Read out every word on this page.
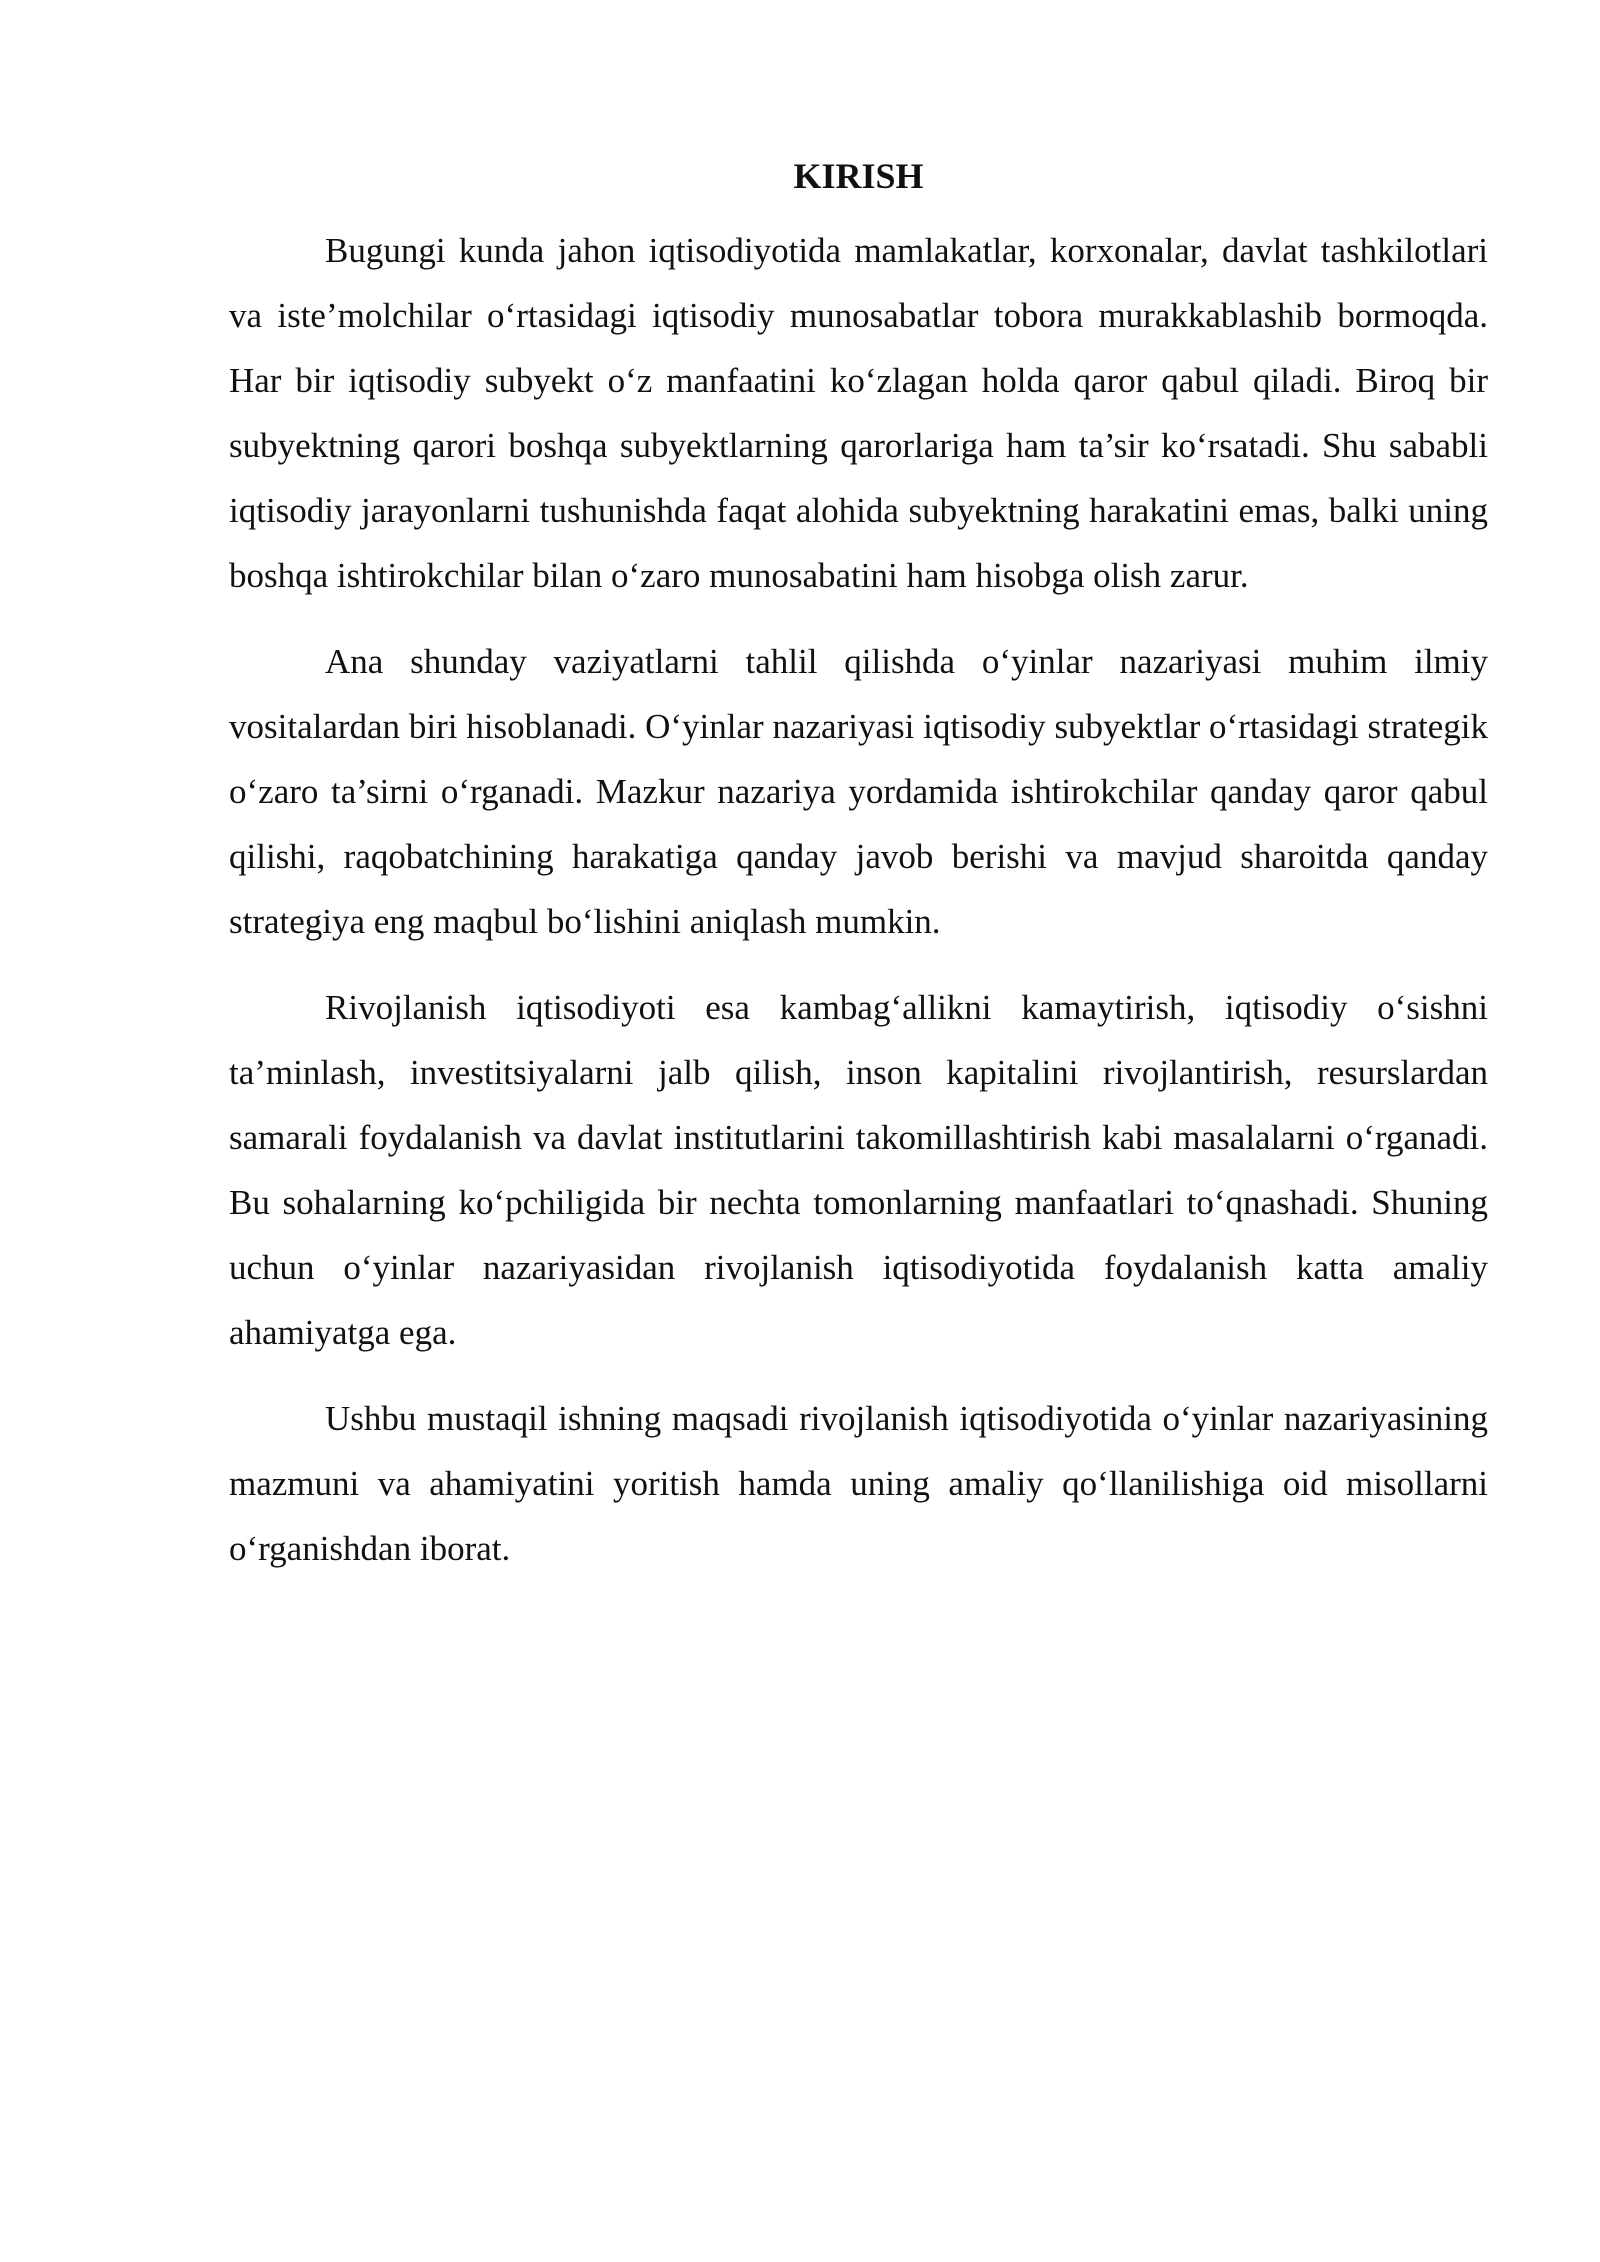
KIRISH

Bugungi kunda jahon iqtisodiyotida mamlakatlar, korxonalar, davlat tashkilotlari va iste’molchilar o‘rtasidagi iqtisodiy munosabatlar tobora murakkablashib bormoqda. Har bir iqtisodiy subyekt o‘z manfaatini ko‘zlagan holda qaror qabul qiladi. Biroq bir subyektning qarori boshqa subyektlarning qarorlariga ham ta’sir ko‘rsatadi. Shu sababli iqtisodiy jarayonlarni tushunishda faqat alohida subyektning harakatini emas, balki uning boshqa ishtirokchilar bilan o‘zaro munosabatini ham hisobga olish zarur.

Ana shunday vaziyatlarni tahlil qilishda o‘yinlar nazariyasi muhim ilmiy vositalardan biri hisoblanadi. O‘yinlar nazariyasi iqtisodiy subyektlar o‘rtasidagi strategik o‘zaro ta’sirni o‘rganadi. Mazkur nazariya yordamida ishtirokchilar qanday qaror qabul qilishi, raqobatchining harakatiga qanday javob berishi va mavjud sharoitda qanday strategiya eng maqbul bo‘lishini aniqlash mumkin.

Rivojlanish iqtisodiyoti esa kambag‘allikni kamaytirish, iqtisodiy o‘sishni ta’minlash, investitsiyalarni jalb qilish, inson kapitalini rivojlantirish, resurslardan samarali foydalanish va davlat institutlarini takomillashtirish kabi masalalarni o‘rganadi. Bu sohalarning ko‘pchiligida bir nechta tomonlarning manfaatlari to‘qnashadi. Shuning uchun o‘yinlar nazariyasidan rivojlanish iqtisodiyotida foydalanish katta amaliy ahamiyatga ega.

Ushbu mustaqil ishning maqsadi rivojlanish iqtisodiyotida o‘yinlar nazariyasining mazmuni va ahamiyatini yoritish hamda uning amaliy qo‘llanilishiga oid misollarni o‘rganishdan iborat.
